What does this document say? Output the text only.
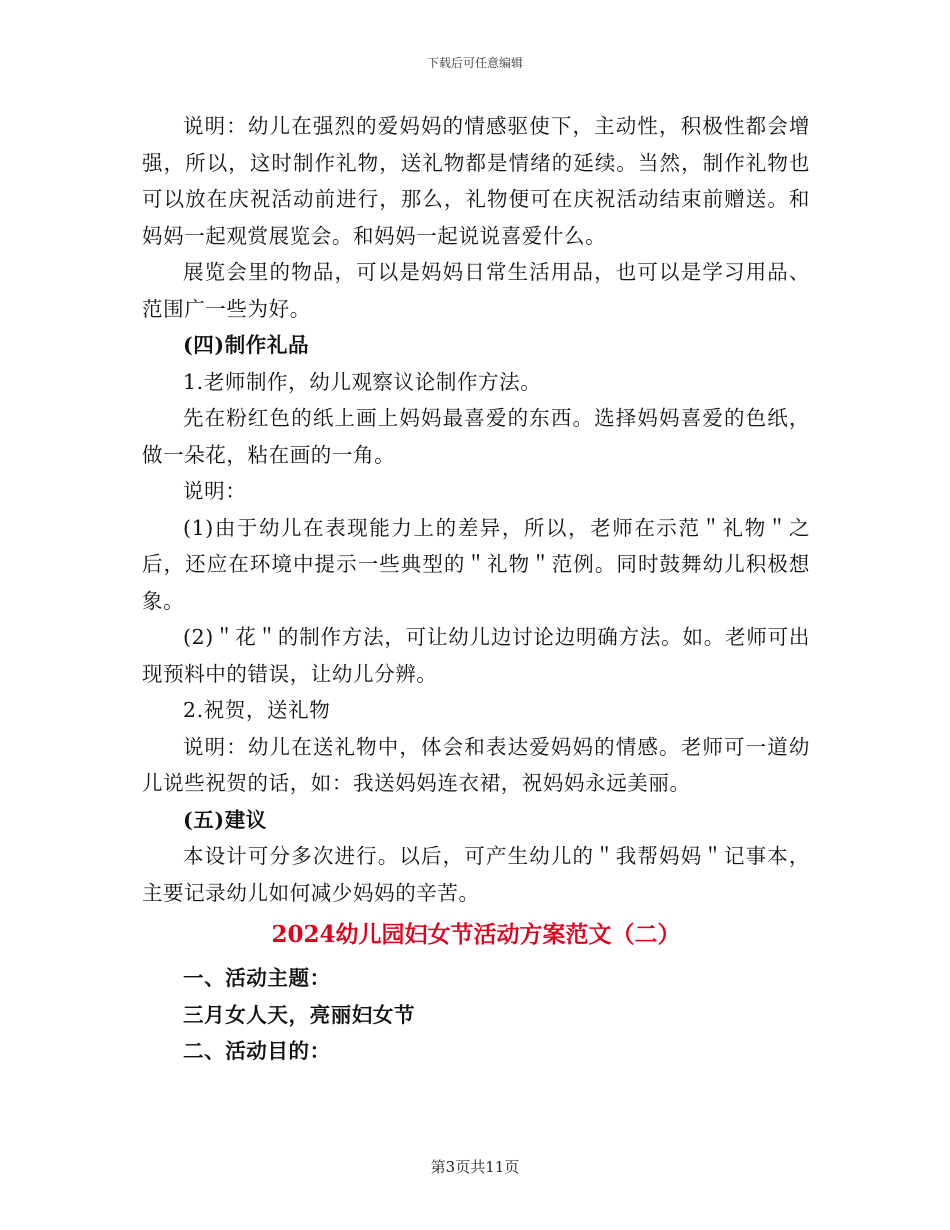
下载后可任意编辑

说明：幼儿在强烈的爱妈妈的情感驱使下，主动性，积极性都会增强，所以，这时制作礼物，送礼物都是情绪的延续。当然，制作礼物也可以放在庆祝活动前进行，那么，礼物便可在庆祝活动结束前赠送。和妈妈一起观赏展览会。和妈妈一起说说喜爱什么。

展览会里的物品，可以是妈妈日常生活用品，也可以是学习用品、范围广一些为好。

(四)制作礼品

1.老师制作，幼儿观察议论制作方法。

先在粉红色的纸上画上妈妈最喜爱的东西。选择妈妈喜爱的色纸，做一朵花，粘在画的一角。

说明：

(1)由于幼儿在表现能力上的差异，所以，老师在示范＂礼物＂之后，还应在环境中提示一些典型的＂礼物＂范例。同时鼓舞幼儿积极想象。

(2)＂花＂的制作方法，可让幼儿边讨论边明确方法。如。老师可出现预料中的错误，让幼儿分辨。

2.祝贺，送礼物

说明：幼儿在送礼物中，体会和表达爱妈妈的情感。老师可一道幼儿说些祝贺的话，如：我送妈妈连衣裙，祝妈妈永远美丽。

(五)建议

本设计可分多次进行。以后，可产生幼儿的＂我帮妈妈＂记事本，主要记录幼儿如何减少妈妈的辛苦。

2024幼儿园妇女节活动方案范文（二）

一、活动主题：

三月女人天，亮丽妇女节

二、活动目的：

第3页共11页
